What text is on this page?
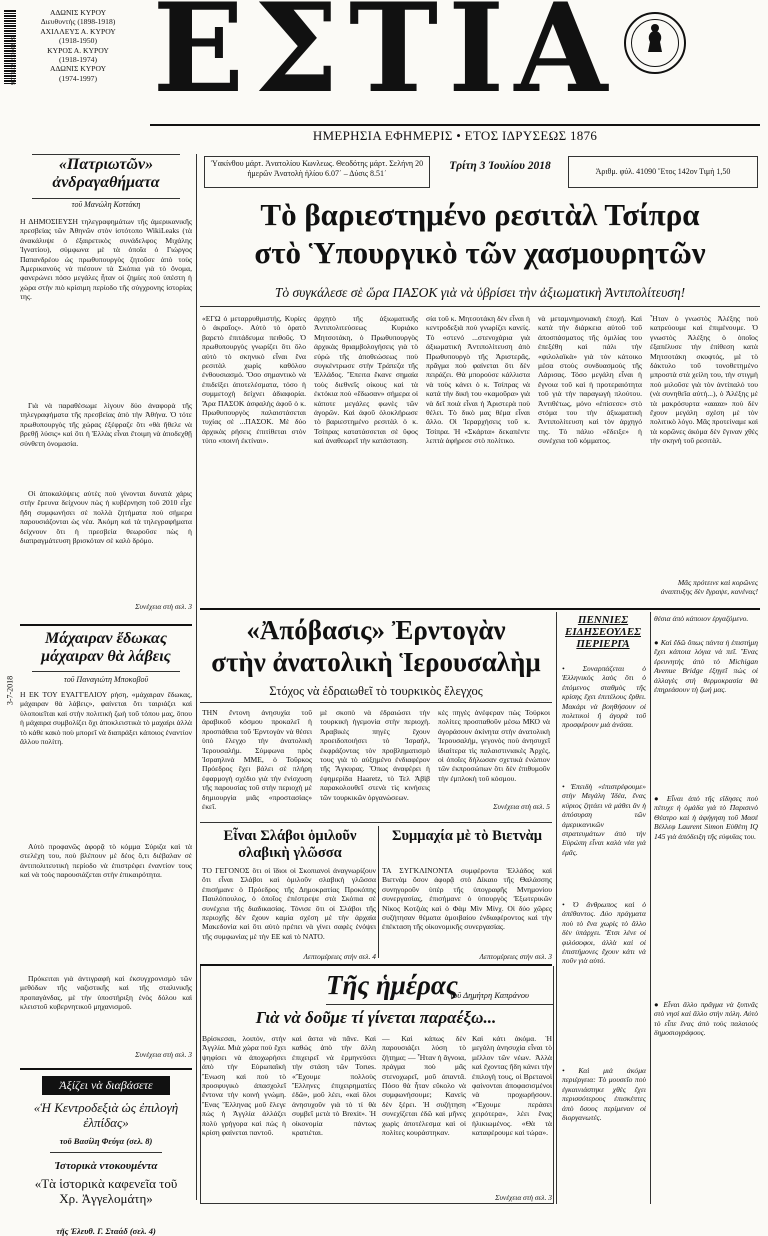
ΑΔΩΝΙΣ ΚΥΡΟΥ
Διευθυντὴς (1898-1918)
ΑΧΙΛΛΕΥΣ Α. ΚΥΡΟΥ
(1918-1950)
ΚΥΡΟΣ Α. ΚΥΡΟΥ
(1918-1974)
ΑΔΩΝΙΣ ΚΥΡΟΥ
(1974-1997)
9 771108 611002 27 ΕΣΤΙΑ
ΗΜΕΡΗΣΙΑ ΕΦΗΜΕΡΙΣ • ΕΤΟΣ ΙΔΡΥΣΕΩΣ 1876
3-7-2018
«Πατριωτῶν» ἀνδραγαθήματα
τοῦ Μανώλη Κοττάκη

Η ΔΗΜΟΣΙΕΥΣΗ τηλεγραφημάτων τῆς ἀμερικανικῆς πρεσβείας τῶν Ἀθηνῶν στὸν ἱστότοπο WikiLeaks (τὰ ἀνακάλυψε ὁ ἐξαιρετικὸς συνάδελφος Μιχάλης Ἰγνατίου), σύμφωνα μὲ τὰ ὁποῖα ὁ Γιώργος Παπανδρέου ὡς πρωθυπουργὸς ζητοῦσε ἀπὸ τοὺς Ἀμερικανοὺς νὰ πιέσουν τὰ Σκόπια γιὰ τὸ ὄνομα, φανερώνει πόσο μεγάλες ἦταν οἱ ζημίες ποὺ ὑπέστη ἡ χώρα στὴν πιὸ κρίσιμη περίοδο τῆς σύγχρονης ἱστορίας της.

Γιὰ νὰ παραθέσωμε λίγουν δύο ἀναφορὰ τῆς τηλεγραφήματα τῆς πρεσβείας ἀπὸ τὴν Ἀθήνα. Ὁ τότε πρωθυπουργὸς τῆς χώρας ἐξέφραζε ὅτι «θὰ ἤθελε νὰ βρεθῇ λύσις» καὶ ὅτι ἡ Ἑλλὰς εἶναι ἕτοιμη νὰ ἀποδεχθῇ σύνθετη ὀνομασία.

Οἱ ἀποκαλύψεις αὐτὲς ποὺ γίνονται δυνατὰ χάρις στὴν ἔρευνα δείχνουν πὼς ἡ κυβέρνηση τοῦ 2010 εἶχε ἤδη συμφωνήσει σὲ πολλὰ ζητήματα ποὺ σήμερα παρουσιάζονται ὡς νέα. Ἀκόμη καὶ τὰ τηλεγραφήματα δείχνουν ὅτι ἡ πρεσβεία θεωροῦσε πὼς ἡ διαπραγμάτευση βρισκόταν σὲ καλὸ δρόμο.

Συνέχεια στὴ σελ. 3
Μάχαιραν ἔδωκας μάχαιραν θὰ λάβεις
τοῦ Παναγιώτη Μποκοβοῦ

Η ΕΚ ΤΟΥ ΕΥΑΓΓΕΛΙΟΥ ρήση, «μάχαιραν ἔδωκας, μάχαιραν θὰ λάβεις», φαίνεται ὅτι ταιριάζει καὶ ὑλοποιεῖται καὶ στὴν πολιτικὴ ζωὴ τοῦ τόπου μας, ὅπου ἡ μάχαιρα συμβολίζει ὅχι ἀποκλειστικὰ τὸ μαχαίρι ἀλλὰ τὸ κάθε κακὸ ποὺ μπορεῖ νὰ διαπράξει κάποιος ἐναντίον ἄλλου πολίτη.

Αὐτὸ προφανῶς ἀφορᾷ τὸ κόμμα Σύριζα καὶ τὰ στελέχη του, ποὺ βλέπουν μὲ δέος ὅ,τι διέβαλαν σὲ ἀντιπολιτευτικὴ περίοδο νὰ ἐπιστρέφει ἐναντίον τους καὶ νὰ τοὺς παρουσιάζεται στὴν ἐπικαιρότητα.

Πρόκειται γιὰ ἀντιγραφὴ καὶ ἐκσυγχρονισμὸ τῶν μεθόδων τῆς ναζιστικῆς καὶ τῆς σταλινικῆς προπαγάνδας, μὲ τὴν ὑποστήριξη ἑνὸς δόλου καὶ κλειστοῦ κυβερνητικοῦ μηχανισμοῦ.

Συνέχεια στὴ σελ. 3
Ἀξίζει νὰ διαβάσετε
«Ἡ Κεντροδεξιὰ ὡς ἐπιλογὴ ἐλπίδας»
τοῦ Βασίλη Φεύγα (σελ. 8)
Ἱστορικὰ ντοκουμέντα
«Τὰ ἱστορικὰ καφενεῖα τοῦ Χρ. Ἀγγελομάτη»
τῆς Ἐλευθ. Γ. Σταάδ (σελ. 4)
Ὑακίνθου μάρτ. Ἀνατολίου Κωνλεως. Θεοδότης μάρτ. Σελήνη 20 ἡμερῶν Ἀνατολὴ ἡλίου 6.07΄ – Δύσις 8.51΄
Τρίτη 3 Ἰουλίου 2018	Ἀριθμ. φύλ. 41090 Ἔτος 142ον Τιμὴ 1,50
Τὸ βαριεστημένο ρεσιτὰλ Τσίπρα
στὸ Ὑπουργικὸ τῶν χασμουρητῶν
Τὸ συγκάλεσε σὲ ὥρα ΠΑΣΟΚ γιὰ νὰ ὑβρίσει τὴν ἀξιωματικὴ Ἀντιπολίτευση!

«ΕΓΩ ὁ μεταρρυθμιστής, Κυρίες ὁ ἀκραῖος». Αὐτὸ τὸ ὁρατὸ βαρετὸ ἐπιτάδευμα πειθοῦς. Ὁ πρωθυπουργὸς γνωρίζει ὅτι ὅλο αὐτὸ τὸ σκηνικὸ εἶναι ἕνα ρεσιτὰλ χωρὶς καθόλου ἐνθουσιασμό. Ὅσο σημαντικὸ νὰ ἐπιδείξει ἀποτελέσματα, τόσο ἡ συμμετοχὴ δείχνει ἀδιαφορία. Ἄρα ΠΑΣΟΚ ἀσφαλὴς ἀφοῦ ὁ κ. Πρωθυπουργὸς παλαιστάσεται τυχίας σὲ ...ΠΑΣΟΚ. Μὲ δύο ἀρχικὰς ρήσεις ἐπιτίθεται στὸν τύπο «ποινή ἐκτίναι».

ἀρχητὸ τῆς ἀξιωματικῆς Ἀντιπολιτεύσεως Κυριάκο Μητσοτάκη, ὁ Πρωθυπουργὸς ἀρχικὰς θριαμβολογήσεις γιὰ τὸ εὐρὼ τῆς ἀποθεώσεως ποὺ συγκέντρωσε στὴν Τράπεζα τῆς Ἑλλάδος. Ἔπειτα ἔκανε σημαία τοὺς διεθνεῖς οἰκους καὶ τὰ ἐκτόκια ποὺ «ἔδωσαν» σήμερα οἱ κάποτε μεγάλες φωνὲς τῶν ἀγορῶν. Καὶ ἀφοῦ ὁλοκλήρωσε τὸ βαριεστημένο ρεσιτὰλ ὁ κ. Τσίπρας κατατάσσεται σὲ ὕφος καὶ ἀναθεωρεῖ τὴν κατάσταση.

σία τοῦ κ. Μητσοτάκη δὲν εἶναι ἡ κεντροδεξιὰ ποὺ γνωρίζει κανείς. Τὸ «στενό ...στενοχάρια γιὰ ἀξιωματικὴ Ἀντιπολίτευση ἀπὸ Πρωθυπουργὸ τῆς Ἀριστερᾶς, πρᾶγμα ποὺ φαίνεται ὅτι δὲν πειράζει. Θὰ μπορούσε κάλλιστα νὰ τοὺς κάνει ὁ κ. Τσίπρας νὰ κατά τὴν δική του «καμοῦρα» γιὰ νὰ δεῖ ποιὰ εἶναι ἡ Ἀριστερὰ ποὺ θέλει. Τὸ δικὸ μας θέμα εἶναι ἄλλο. Οἱ Ἱεραρχήσεις τοῦ κ. Τσίπρα. Ἡ «Σκάρτα» δεκαπέντε λεπτὰ ἀφήρεσε στὸ πολίτικο.

νὰ μεταμνημονιακὴ ἐποχή. Καὶ κατὰ τὴν διάρκεια αὐτοῦ τοῦ ἀποσπάσματος τῆς ὁμιλίας του ἐπεξέθη καὶ πάλι τὴν «φιλολαϊκὰ» γιὰ τὸν κάτοικο μέσα στοὺς συνδυασμοὺς τῆς Λάρισας. Τόσο μεγάλη εἶναι ἡ ἔγνοια τοῦ καὶ ἡ προτεραιότητα τοῦ γιὰ τὴν παραγωγὴ πλούτου. Ἀντιθέτως, μόνο «ἐπίσεσε» στὸ στόμα του τὴν ἀξιωματικὴ Ἀντιπολίτευση καὶ τὸν ἀρχηγό της. Τὸ πάλιο «ἔδειξε» ἡ συνέχεια τοῦ κόμματος.

Ἦταν ὁ γνωστὸς Ἀλέξης ποὺ κατρεύουμε καὶ ἐπιμένουμε. Ὁ γνωστὸς Ἀλέξης ὁ ὁποῖος ἐξαπέλυσε τὴν ἐπίθεση κατὰ Μητσοτάκη σκυφτός, μὲ τὸ δάκτυλο τοῦ τονοθετημένο μπροστὰ στὰ χείλη του, τὴν στιγμὴ ποὺ μιλοῦσε γιὰ τὸν ἀντίπαλό του (νὰ συνηθεῖα αὐτή...), ὁ Ἀλέξης μὲ τὰ μακρόσυρτα «αααα» ποὺ δὲν ἔχουν μεγάλη σχέση μὲ τὸν πολιτικὸ λόγο. Μᾶς προτείναμε καὶ τὰ κορῶνες ἀκόμα δὲν ἔγιναν χθὲς τὴν σκηνὴ τοῦ ρεσιτὰλ.

Μᾶς πρότεινε καὶ κορῶνες ἀναπτυξης δὲν ἔγραψε, κανένας!
«Ἀπόβασις» Ἐρντογὰν
στὴν ἀνατολικὴ Ἱερουσαλὴμ
Στόχος νὰ ἐδραιωθεῖ τὸ τουρκικὸς ἔλεγχος

ΤΗΝ ἔντονη ἀνησυχία τοῦ ἀραβικοῦ κόσμου προκαλεῖ ἡ προσπάθεια τοῦ Ἐρντογὰν νὰ θέσει ὑπὸ ἔλεγχο τὴν ἀνατολικὴ Ἱερουσαλήμ. Σύμφωνα πρὸς Ἰσραηλινὰ ΜΜΕ, ὁ Τοῦρκος Πρόεδρος ἔχει βάλει σὲ πλήρη ἐφαρμογὴ σχέδιο γιὰ τὴν ἐνίσχυση τῆς παρουσίας τοῦ στὴν περιοχὴ μὲ δημιουργία μιᾶς «προστασίας» ἐκεῖ.

μὲ σκοπὸ νὰ ἐδραιώσει τὴν τουρκικὴ ἡγεμονία στὴν περιοχὴ. Ἀραβικὲς πηγὲς ἔχουν προειδοποιήσει τὸ Ἰσραήλ, ἐκφράζοντας τὸν προβληματισμὸ τους γιὰ τὸ αὐξημένο ἐνδιαφέρον τῆς Ἄγκυρας. Ὅπως ἀναφέρει ἡ ἐφημερίδα Haaretz, τὸ Τελ Ἀβὶβ παρακολουθεῖ στενὰ τὶς κινήσεις τῶν τουρκικῶν ὀργανώσεων.

κὲς πηγὲς ἀνέφεραν πὼς Τούρκοι πολίτες προσπαθοῦν μέσω ΜΚΟ νὰ ἀγοράσουν ἀκίνητα στὴν ἀνατολικὴ Ἱερουσαλήμ, γεγονὸς ποὺ ἀνησυχεῖ ἰδιαίτερα τὶς παλαιστινιακὲς Ἀρχές, οἱ ὁποῖες δήλωσαν σχετικά ἐνώπιον τῶν ἐκπροσώπων ὅτι δὲν ἐπιθυμοῦν τὴν ἐμπλοκὴ τοῦ κόσμου.

Συνέχεια στὴ σελ. 5
Εἶναι Σλάβοι ὁμιλοῦν σλαβικὴ γλῶσσα

ΤΟ ΓΕΓΟΝΟΣ ὅτι οἱ ἴδιοι οἱ Σκοπιανοὶ ἀναγνωρίζουν ὅτι εἶναι Σλάβοι καὶ ὁμιλοῦν σλαβικὴ γλῶσσα ἐπισήμανε ὁ Πρόεδρος τῆς Δημοκρατίας Προκόπης Παυλόπουλος, ὁ ὁποῖος ἐπέστρεψε στὰ Σκόπια σὲ συνέχεια τῆς διαδικασίας. Τόνισε ὅτι οἱ Σλάβοι τῆς περιοχῆς δὲν ἔχουν καμία σχέση μὲ τὴν ἀρχαία Μακεδονία καὶ ὅτι αὐτὸ πρέπει νὰ γίνει σαφὲς ἐνόψει τῆς συμφωνίας μὲ τὴν ΕΕ καὶ τὸ ΝΑΤΟ.

Λεπτομέρειες στὴν σελ. 4
Συμμαχία μὲ τὸ Βιετνὰμ

ΤΑ ΣΥΓΚΛΙΝΟΝΤΑ συμφέροντα Ἑλλάδος καὶ Βιετνὰμ ὅσον ἀφορᾷ στὸ Δίκαιο τῆς Θαλάσσης συνηγοροῦν ὑπὲρ τῆς ὑπογραφῆς Μνημονίου συνεργασίας, ἐπισήμανε ὁ ὑπουργὸς Ἐξωτερικῶν Νίκος Κοτζιὰς καὶ ὁ Φὰμ Μὶν Μίνχ. Οἱ δύο χῶρες συζήτησαν θέματα ἀμοιβαίου ἐνδιαφέροντος καὶ τὴν ἐπέκταση τῆς οἰκονομικῆς συνεργασίας.

Λεπτομέρειες στὴν σελ. 3
Τῆς ἡμέρας
τοῦ Δημήτρη Καπράνου
Γιὰ νὰ δοῦμε τί γίνεται παραέξω...

Βρίσκεσαι, λοιπόν, στὴν Ἀγγλία. Μιὰ χώρα ποὺ ἔχει ψηφίσει νὰ ἀποχωρήσει ἀπὸ τὴν Εὐρωπαϊκὴ Ἕνωση καὶ ποὺ τὸ προσφυγικὸ ἀπασχολεῖ ἔντονα τὴν κοινὴ γνώμη. Ἕνας Ἕλληνας μοῦ ἔλεγε πὼς ἡ Ἀγγλία ἀλλάζει πολὺ γρήγορα καὶ πὼς ἡ κρίση φαίνεται παντοῦ.

καὶ ἄστα νὰ πᾶνε. Καὶ καθώς ἀπὸ τὴν ἄλλη ἐπιχειρεῖ νὰ ἑρμηνεύσει τὴν στάση τῶν Τοrιes. «Ἔχουμε πολλοὺς Ἕλληνες ἐπιχειρηματίες ἐδῶ», μοῦ λέει, «καὶ ὅλοι ἀνησυχοῦν γιὰ τὸ τί θὰ συμβεῖ μετὰ τὸ Brexit». Ἡ οἰκονομία πάντως κρατιέται.

— Καὶ κάπως δὲν παρουσιάζει λύση τὸ ζήτημα; — Ἦταν ἡ ἄγνοια, πράγμα ποὺ μᾶς στενοχωρεῖ, μοῦ ἀπαντᾶ. Πόσο θὰ ἦταν εὔκολο νὰ συμφωνήσουμε; Κανεὶς δὲν ξέρει. Ἡ συζήτηση συνεχίζεται ἐδῶ καὶ μῆνες χωρὶς ἀποτέλεσμα καὶ οἱ πολίτες κουράστηκαν.

Καὶ κάτι ἀκόμα. Ἡ μεγάλη ἀνησυχία εἶναι τὸ μέλλον τῶν νέων. Ἀλλὰ καὶ ἔχοντας ἤδη κάνει τὴν ἐπιλογὴ τους, οἱ Βρετανοὶ φαίνονται ἀποφασισμένοι νὰ προχωρήσουν. «Ἔχουμε περάσει χειρότερα», λέει ἕνας ἡλικιωμένος. «Θὰ τὰ καταφέρουμε καὶ τώρα».

Συνέχεια στὴ σελ. 3
ΠΕΝΝΙΕΣ
ΕΙΔΗΣΕΟΥΛΕΣ
ΠΕΡΙΕΡΓΑ

• Συναρπάζεται ὁ Ἐλληνικὸς λαὸς ὅτι ὁ ἐπόμενος σταθμὸς τῆς κρίσης ἔχει ἐπιτέλους ἔρθει. Μακάρι νὰ βοηθήσουν οἱ πολιτικοὶ ἢ ἀγορὰ τοῦ προσφέρουν μιὰ ἀνάσα.

• Ἐπειδὴ «ἐπιστρέφουμε» στὴν Μεγάλη Ἰδέα, ἕνας κύριος ζητάει νὰ μάθει ἂν ἡ ἀπόσυρση τῶν ἀμερικανικῶν στρατευμάτων ἀπὸ τὴν Εὐρώπη εἶναι καλὰ νέα γιὰ ἐμᾶς.

• Ὁ ἄνθρωπος καὶ ὁ ἀπέθαντος. Δύο πράγματα ποὺ τὸ ἕνα χωρὶς τὸ ἄλλο δὲν ὑπάρχει. Ἔτσι λένε οἱ φιλόσοφοι, ἀλλὰ καὶ οἱ ἐπιστήμονες ἔχουν κάτι νὰ ποῦν γιὰ αὐτό.

• Καὶ μιὰ ἀκόμα περιέργεια: Τὸ μουσεῖο ποὺ ἐγκαινιάστηκε χθὲς ἔχει περισσότερους ἐπισκέπτες ἀπὸ ὅσους περίμεναν οἱ διοργανωτές.

θέσια ἀπὸ κάποιον ἐργαζόμενο.

● Καὶ ἔδῶ ὅπως πάντα ἡ ἐπιστήμη ἔχει κάποια λόγια νὰ πεῖ. Ἔνας ἐρευνητὴς ἀπὸ τὸ Michigan Avenue Bridge ἐξηγεῖ πὼς οἱ ἀλλαγὲς στὴ θερμοκρασία θὰ ἐπηρεάσουν τὴ ζωή μας.

● Εἶναι ἀπὸ τῆς εἴδησες ποὺ πέτυχε ἡ ὁμάδα γιὰ τὸ Παρισινὸ Θέατρο καὶ ἡ ἀφήγηση τοῦ Μασέ Βέλλεφ Laurent Simon Εὐθέτη IQ 145 γιὰ ἀπόδειξη τῆς εὐφυΐας του.

● Εἶναι ἄλλο πρᾶγμα νὰ ξυπνᾶς στὸ νησί καὶ ἄλλο στὴν πόλη. Αὐτὸ τὸ εἶπε ἕνας ἀπὸ τοὺς παλαιοὺς δημοσιογράφους.
